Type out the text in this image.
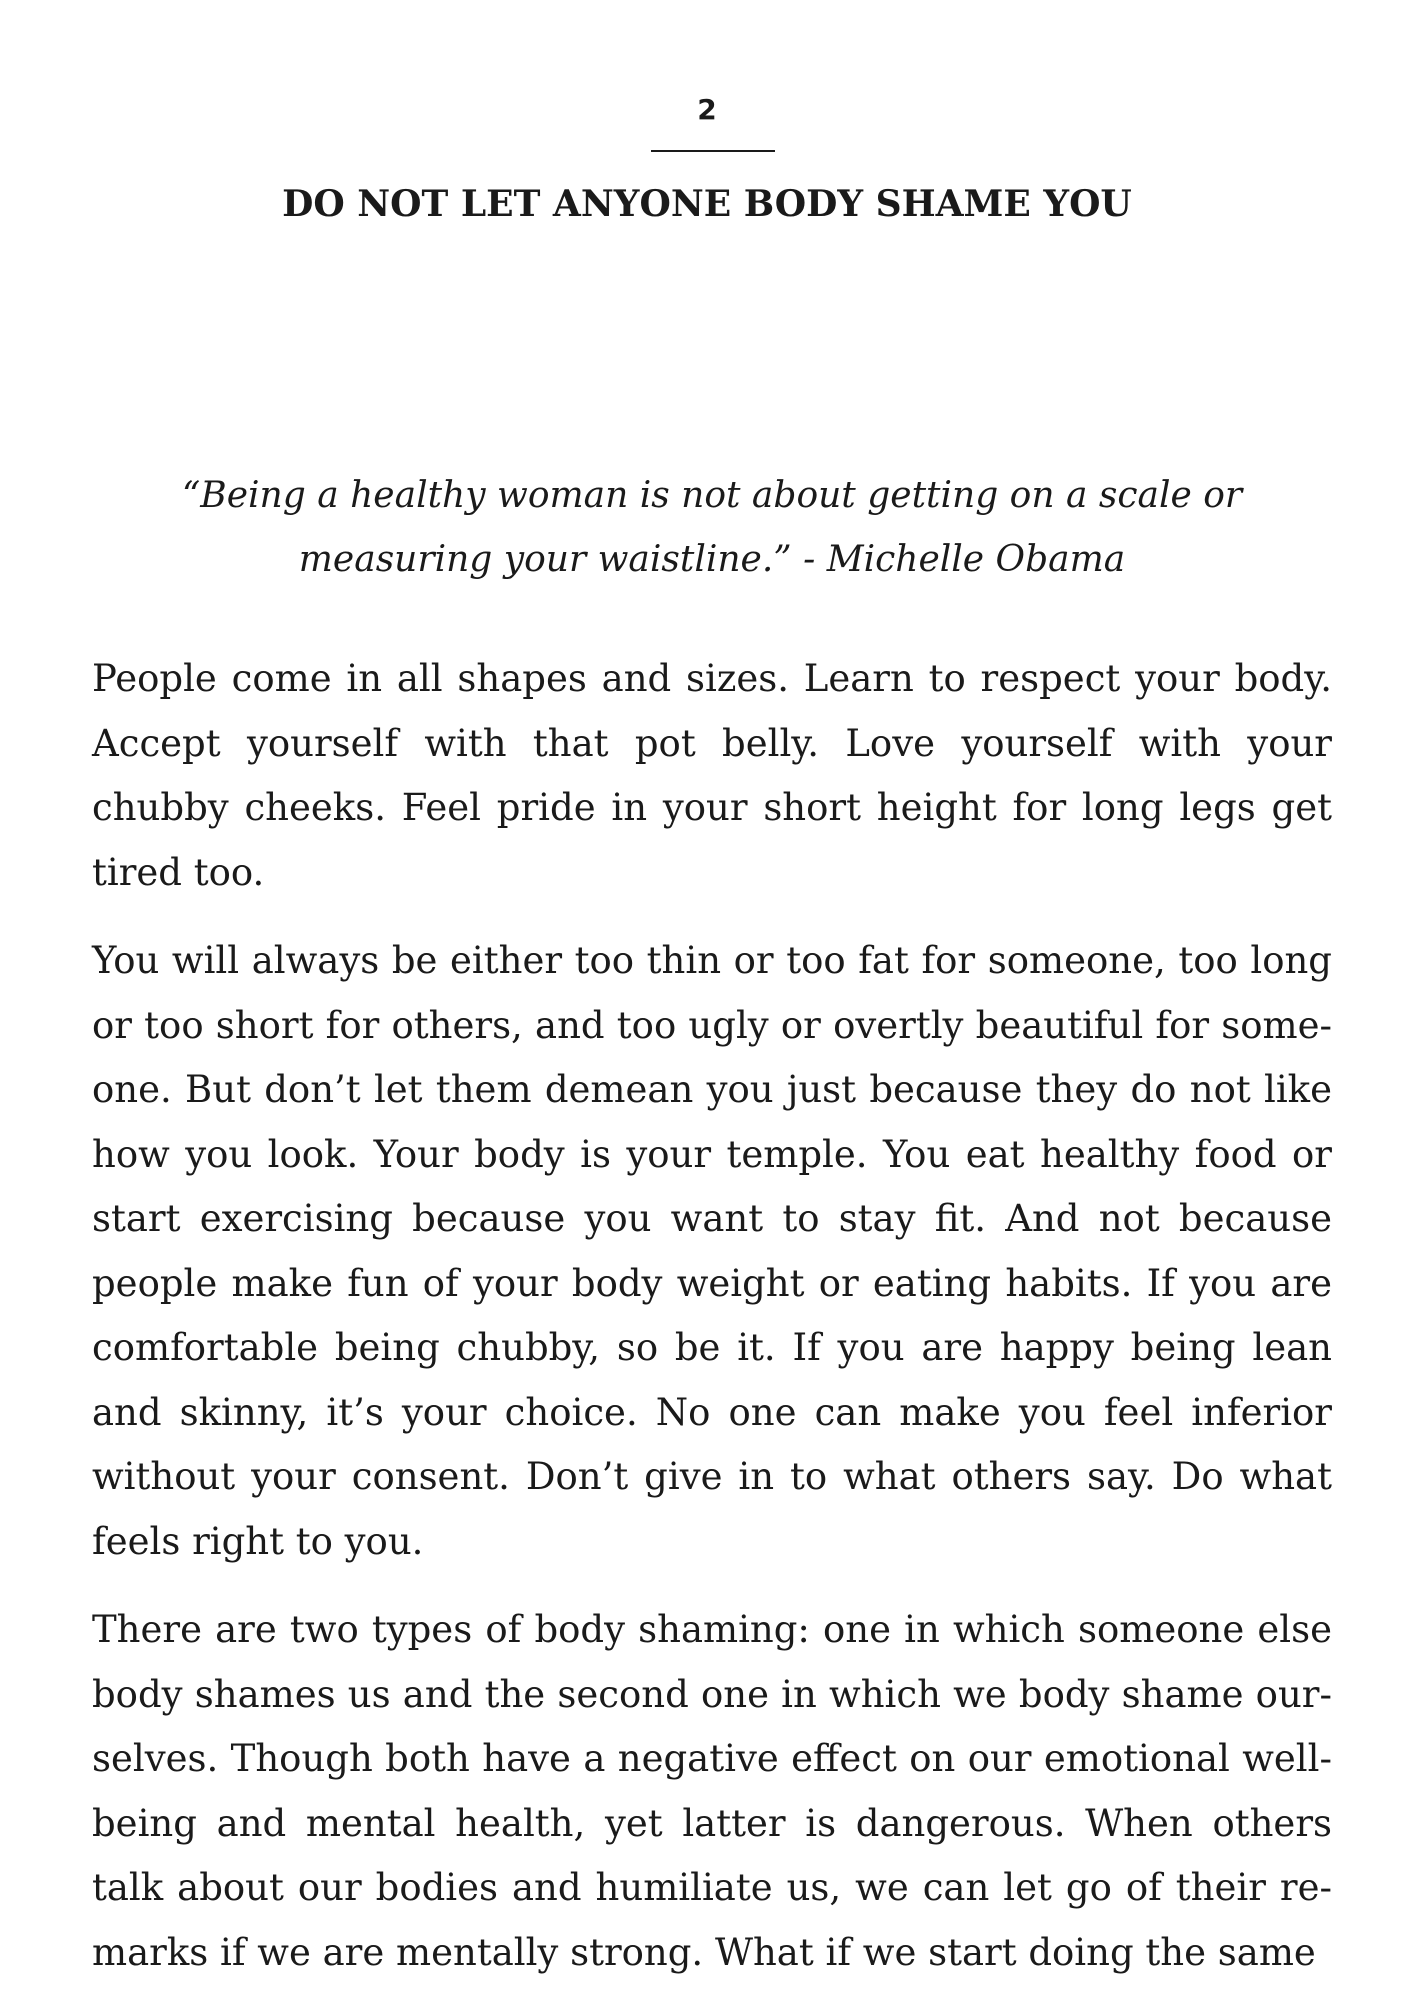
2
DO NOT LET ANYONE BODY SHAME YOU
“Being a healthy woman is not about getting on a scale or measuring your waistline.” - Michelle Obama

People come in all shapes and sizes. Learn to respect your body. Accept yourself with that pot belly. Love yourself with your chubby cheeks. Feel pride in your short height for long legs get tired too.

You will always be either too thin or too fat for someone, too long or too short for others, and too ugly or overtly beautiful for someone. But don’t let them demean you just because they do not like how you look. Your body is your temple. You eat healthy food or start exercising because you want to stay fit. And not because people make fun of your body weight or eating habits. If you are comfortable being chubby, so be it. If you are happy being lean and skinny, it’s your choice. No one can make you feel inferior without your consent. Don’t give in to what others say. Do what feels right to you.

There are two types of body shaming: one in which someone else body shames us and the second one in which we body shame ourselves. Though both have a negative effect on our emotional wellbeing and mental health, yet latter is dangerous. When others talk about our bodies and humiliate us, we can let go of their remarks if we are mentally strong. What if we start doing the same
